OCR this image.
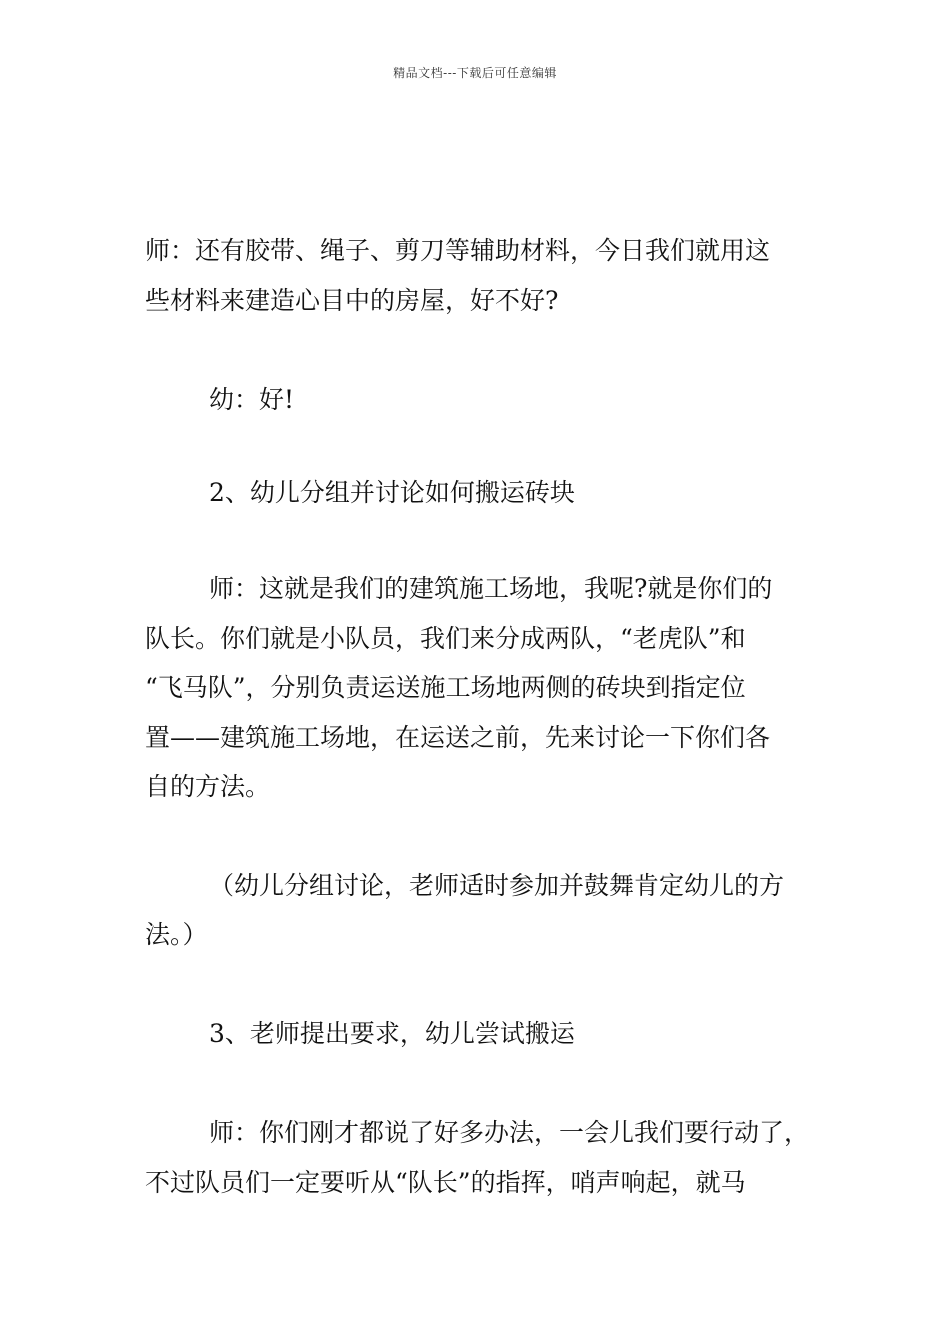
精品文档---下载后可任意编辑

师：还有胶带、绳子、剪刀等辅助材料，今日我们就用这
些材料来建造心目中的房屋，好不好?

幼：好!

2、幼儿分组并讨论如何搬运砖块

师：这就是我们的建筑施工场地，我呢?就是你们的
队长。你们就是小队员，我们来分成两队，“老虎队”和
“飞马队”，分别负责运送施工场地两侧的砖块到指定位
置——建筑施工场地，在运送之前，先来讨论一下你们各
自的方法。

（幼儿分组讨论，老师适时参加并鼓舞肯定幼儿的方
法。）

3、老师提出要求，幼儿尝试搬运

师：你们刚才都说了好多办法，一会儿我们要行动了，
不过队员们一定要听从“队长”的指挥，哨声响起，就马
